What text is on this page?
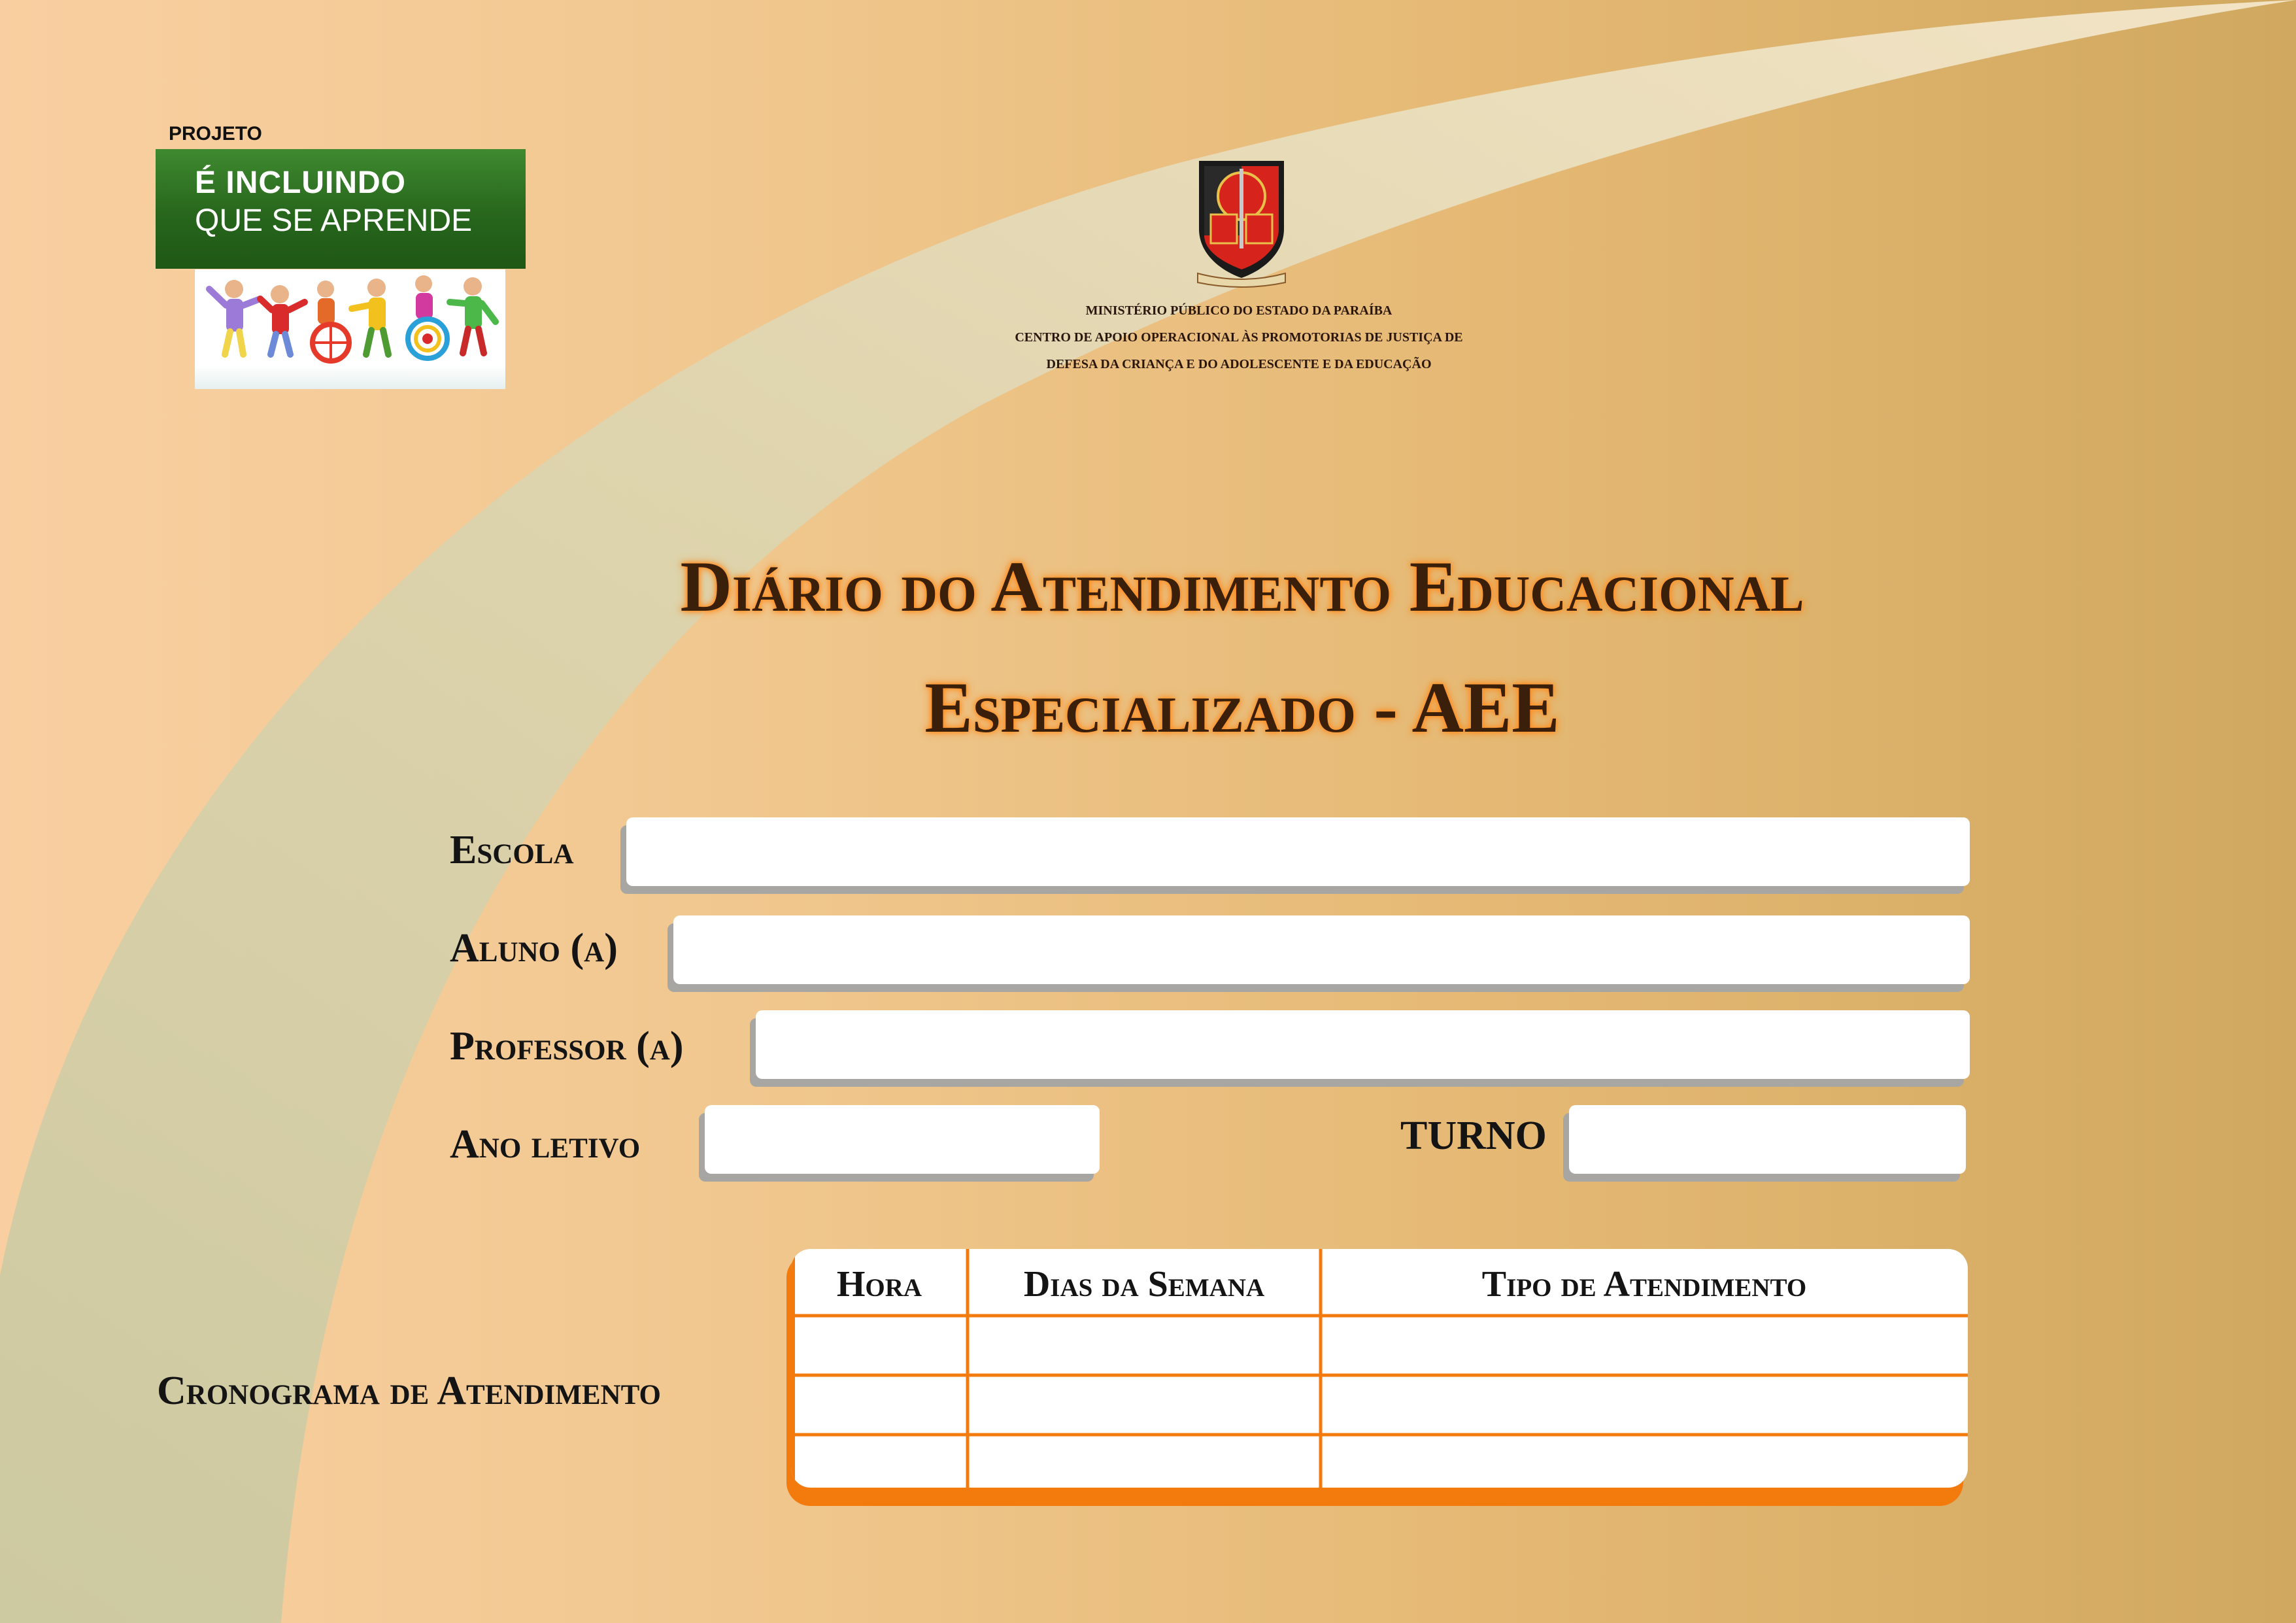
PROJETO
É INCLUINDO
QUE SE APRENDE
MINISTÉRIO PÚBLICO DO ESTADO DA PARAÍBA
CENTRO DE APOIO OPERACIONAL ÀS PROMOTORIAS DE JUSTIÇA DE
DEFESA DA CRIANÇA E DO ADOLESCENTE E DA EDUCAÇÃO
Diário do Atendimento Educacional
Especializado - AEE
Escola
Aluno (a)
Professor (a)
Ano letivo	TURNO
Cronograma de Atendimento
Hora	Dias da Semana	Tipo de Atendimento
